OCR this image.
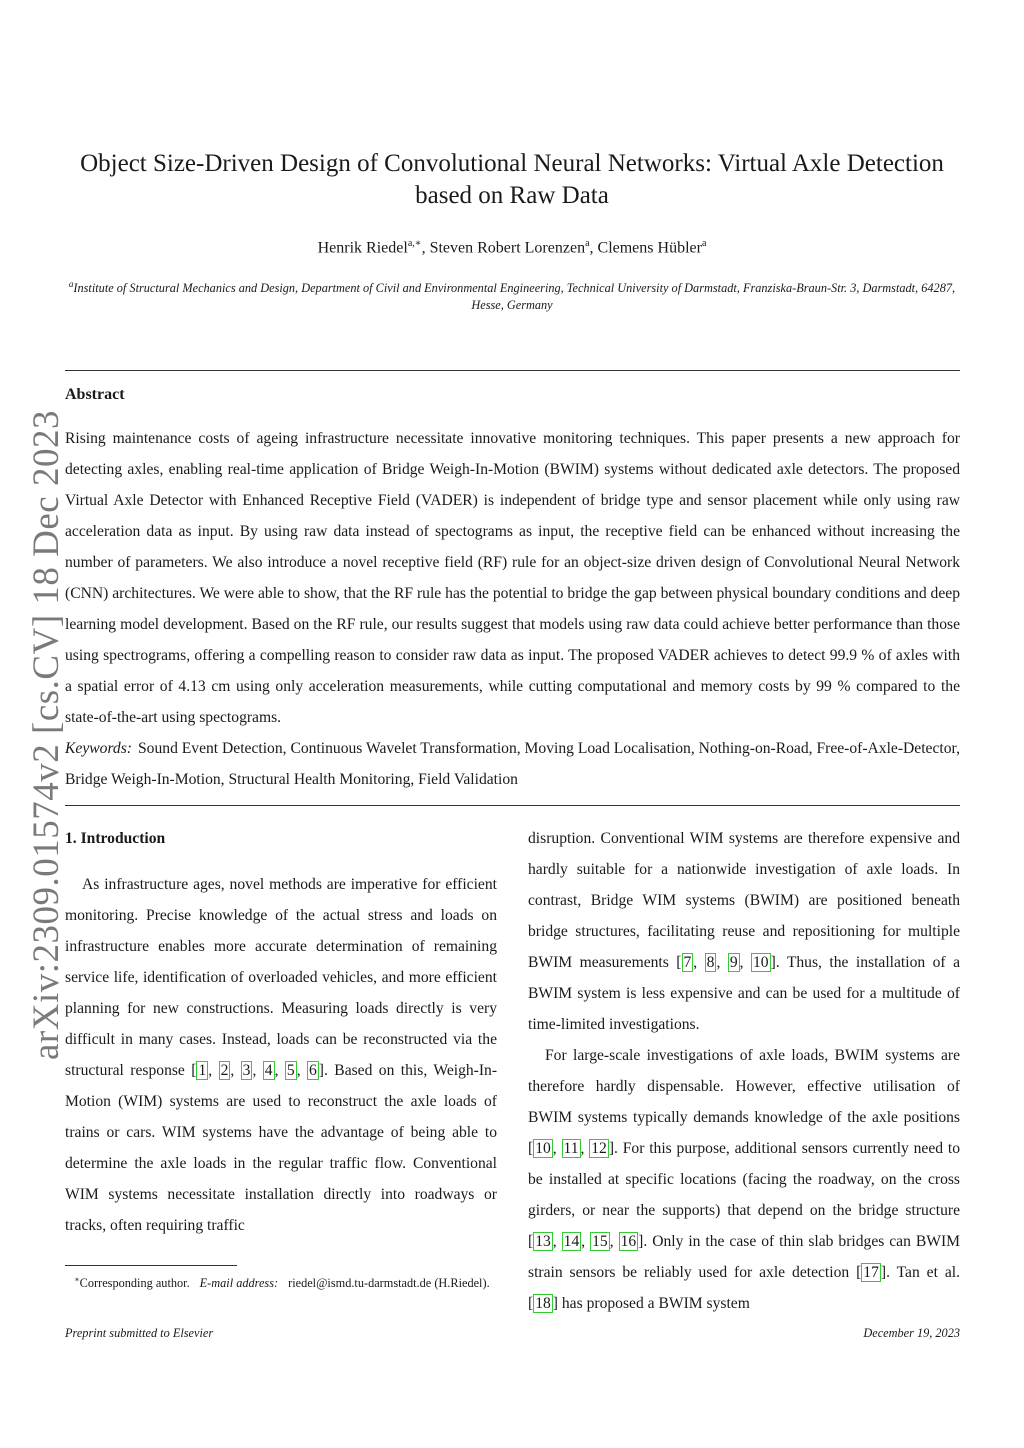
arXiv:2309.01574v2 [cs.CV] 18 Dec 2023
Object Size-Driven Design of Convolutional Neural Networks: Virtual Axle Detection
based on Raw Data
Henrik Riedel$^{a,∗}$, Steven Robert Lorenzen$^a$, Clemens Hübler$^a$
$^a$Institute of Structural Mechanics and Design, Department of Civil and Environmental Engineering, Technical University of Darmstadt, Franziska-Braun-Str. 3, Darmstadt, 64287, Hesse, Germany
Abstract
Rising maintenance costs of ageing infrastructure necessitate innovative monitoring techniques. This paper presents a new approach for detecting axles, enabling real-time application of Bridge Weigh-In-Motion (BWIM) systems without dedicated axle detectors. The proposed Virtual Axle Detector with Enhanced Receptive Field (VADER) is independent of bridge type and sensor placement while only using raw acceleration data as input. By using raw data instead of spectograms as input, the receptive field can be enhanced without increasing the number of parameters. We also introduce a novel receptive field (RF) rule for an object-size driven design of Convolutional Neural Network (CNN) architectures. We were able to show, that the RF rule has the potential to bridge the gap between physical boundary conditions and deep learning model development. Based on the RF rule, our results suggest that models using raw data could achieve better performance than those using spectrograms, offering a compelling reason to consider raw data as input. The proposed VADER achieves to detect 99.9 % of axles with a spatial error of 4.13 cm using only acceleration measurements, while cutting computational and memory costs by 99 % compared to the state-of-the-art using spectograms.
Keywords: Sound Event Detection, Continuous Wavelet Transformation, Moving Load Localisation, Nothing-on-Road, Free-of-Axle-Detector, Bridge Weigh-In-Motion, Structural Health Monitoring, Field Validation
1. Introduction

As infrastructure ages, novel methods are imperative for efficient monitoring. Precise knowledge of the actual stress and loads on infrastructure enables more accurate determination of remaining service life, identification of overloaded vehicles, and more efficient planning for new constructions. Measuring loads directly is very difficult in many cases. Instead, loads can be reconstructed via the structural response [ 1 , 2 , 3 , 4 , 5 , 6 ]. Based on this, Weigh-In-Motion (WIM) systems are used to reconstruct the axle loads of trains or cars. WIM systems have the advantage of being able to determine the axle loads in the regular traffic flow. Conventional WIM systems necessitate installation directly into roadways or tracks, often requiring traffic

disruption. Conventional WIM systems are therefore expensive and hardly suitable for a nationwide investigation of axle loads. In contrast, Bridge WIM systems (BWIM) are positioned beneath bridge structures, facilitating reuse and repositioning for multiple BWIM measurements [ 7 , 8 , 9 , 10 ]. Thus, the installation of a BWIM system is less expensive and can be used for a multitude of time-limited investigations.

For large-scale investigations of axle loads, BWIM systems are therefore hardly dispensable. However, effective utilisation of BWIM systems typically demands knowledge of the axle positions [ 10 , 11 , 12 ]. For this purpose, additional sensors currently need to be installed at specific locations (facing the roadway, on the cross girders, or near the supports) that depend on the bridge structure [ 13 , 14 , 15 , 16 ]. Only in the case of thin slab bridges can BWIM strain sensors be reliably used for axle detection [ 17 ]. Tan et al. [ 18 ] has proposed a BWIM system

∗Corresponding author. E-mail address: riedel@ismd.tu-darmstadt.de (H.Riedel).
Preprint submitted to Elsevier	December 19, 2023
